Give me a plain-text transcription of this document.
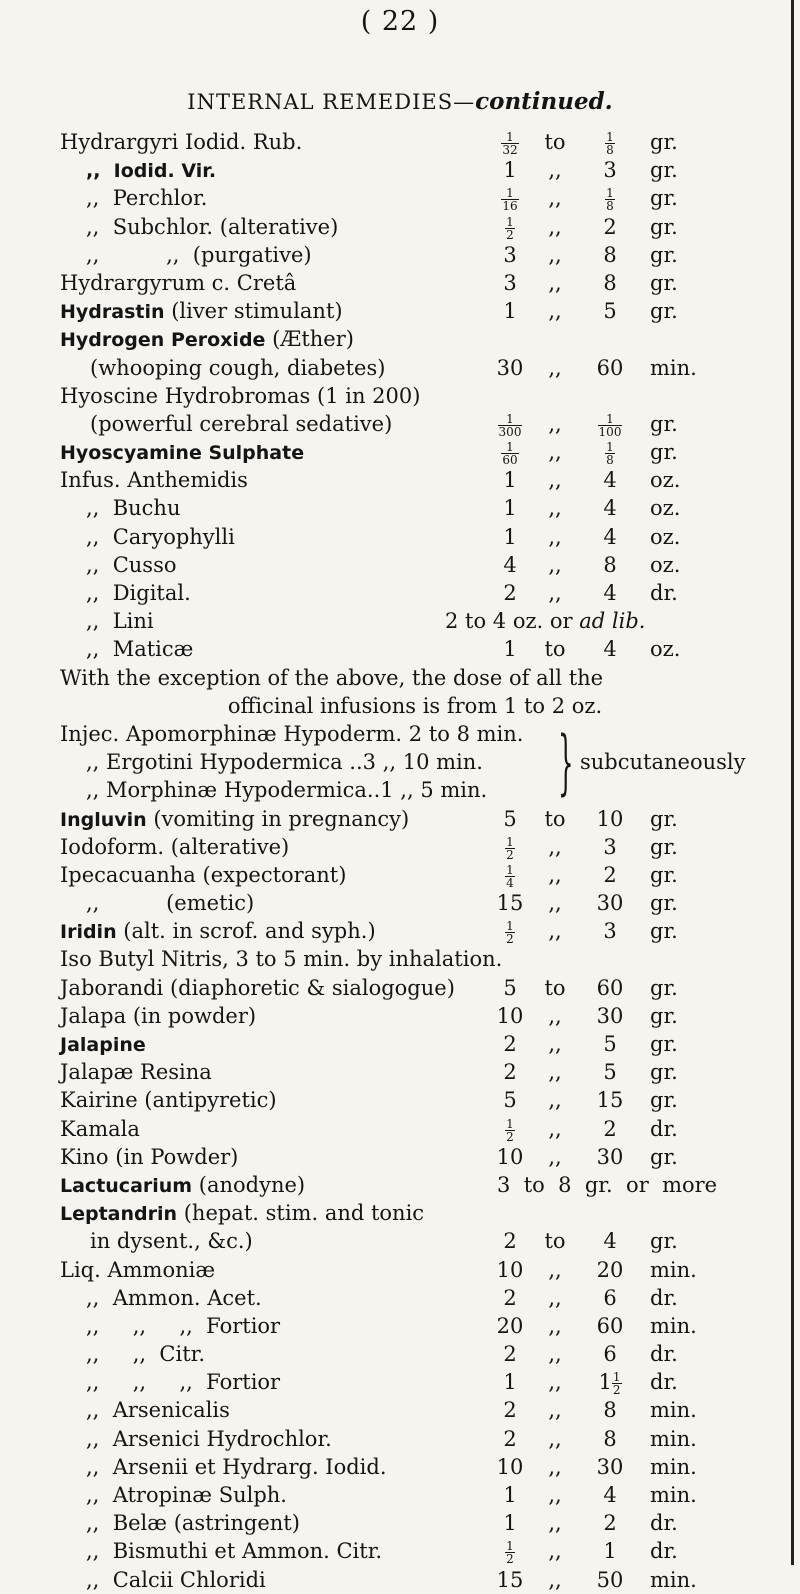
( 22 )
INTERNAL REMEDIES—continued.
Hydrargyri Iodid. Rub.	$\frac{1}{32}$	to	$\frac{1}{8}$ gr.
,,  Iodid. Vir.	1	,,	3	gr.
,,  Perchlor.	$\frac{1}{16}$	,,	$\frac{1}{8}$ gr.
,,  Subchlor. (alterative)	$\frac{1}{2}$	,,	2	gr.
,,          ,,  (purgative)	3	,,	8	gr.
Hydrargyrum c. Cretâ	3	,,	8	gr.
Hydrastin (liver stimulant)	1	,,	5	gr.
Hydrogen Peroxide (Æther)
(whooping cough, diabetes)	30	,,	60	min.
Hyoscine Hydrobromas (1 in 200)
(powerful cerebral sedative)	$\frac{1}{300}$	,,	$\frac{1}{100}$ gr.
Hyoscyamine Sulphate	$\frac{1}{60}$	,,	$\frac{1}{8}$ gr.
Infus. Anthemidis	1	,,	4	oz.
,,  Buchu	1	,,	4	oz.
,,  Caryophylli	1	,,	4	oz.
,,  Cusso	4	,,	8	oz.
,,  Digital.	2	,,	4	dr.
,,  Lini	2 to 4 oz. or ad lib.
,,  Maticæ	1	to	4	oz.
With the exception of the above, the dose of all the
officinal infusions is from 1 to 2 oz.
Injec. Apomorphinæ Hypoderm. 2 to 8 min.
,, Ergotini Hypodermica ..3 ,, 10 min.
,, Morphinæ Hypodermica..1 ,, 5 min. } subcutaneously
Ingluvin (vomiting in pregnancy)	5	to	10	gr.
Iodoform. (alterative)	$\frac{1}{2}$	,,	3	gr.
Ipecacuanha (expectorant)	$\frac{1}{4}$	,,	2	gr.
,,          (emetic)	15	,,	30	gr.
Iridin (alt. in scrof. and syph.)	$\frac{1}{2}$	,,	3	gr.
Iso Butyl Nitris, 3 to 5 min. by inhalation.
Jaborandi (diaphoretic & sialogogue)	5	to	60	gr.
Jalapa (in powder)	10	,,	30	gr.
Jalapine	2	,,	5	gr.
Jalapæ Resina	2	,,	5	gr.
Kairine (antipyretic)	5	,,	15	gr.
Kamala	$\frac{1}{2}$	,,	2	dr.
Kino (in Powder)	10	,,	30	gr.
Lactucarium (anodyne)	3  to  8  gr.  or  more
Leptandrin (hepat. stim. and tonic
in dysent., &c.)	2	to	4	gr.
Liq. Ammoniæ	10	,,	20	min.
,,  Ammon. Acet.	2	,,	6	dr.
,,     ,,     ,,  Fortior	20	,,	60	min.
,,     ,,  Citr.	2	,,	6	dr.
,,     ,,     ,,  Fortior	1	,,	$1 \frac{1}{2}$ dr.
,,  Arsenicalis	2	,,	8	min.
,,  Arsenici Hydrochlor.	2	,,	8	min.
,,  Arsenii et Hydrarg. Iodid.	10	,,	30	min.
,,  Atropinæ Sulph.	1	,,	4	min.
,,  Belæ (astringent)	1	,,	2	dr.
,,  Bismuthi et Ammon. Citr.	$\frac{1}{2}$	,,	1	dr.
,,  Calcii Chloridi	15	,,	50	min.
